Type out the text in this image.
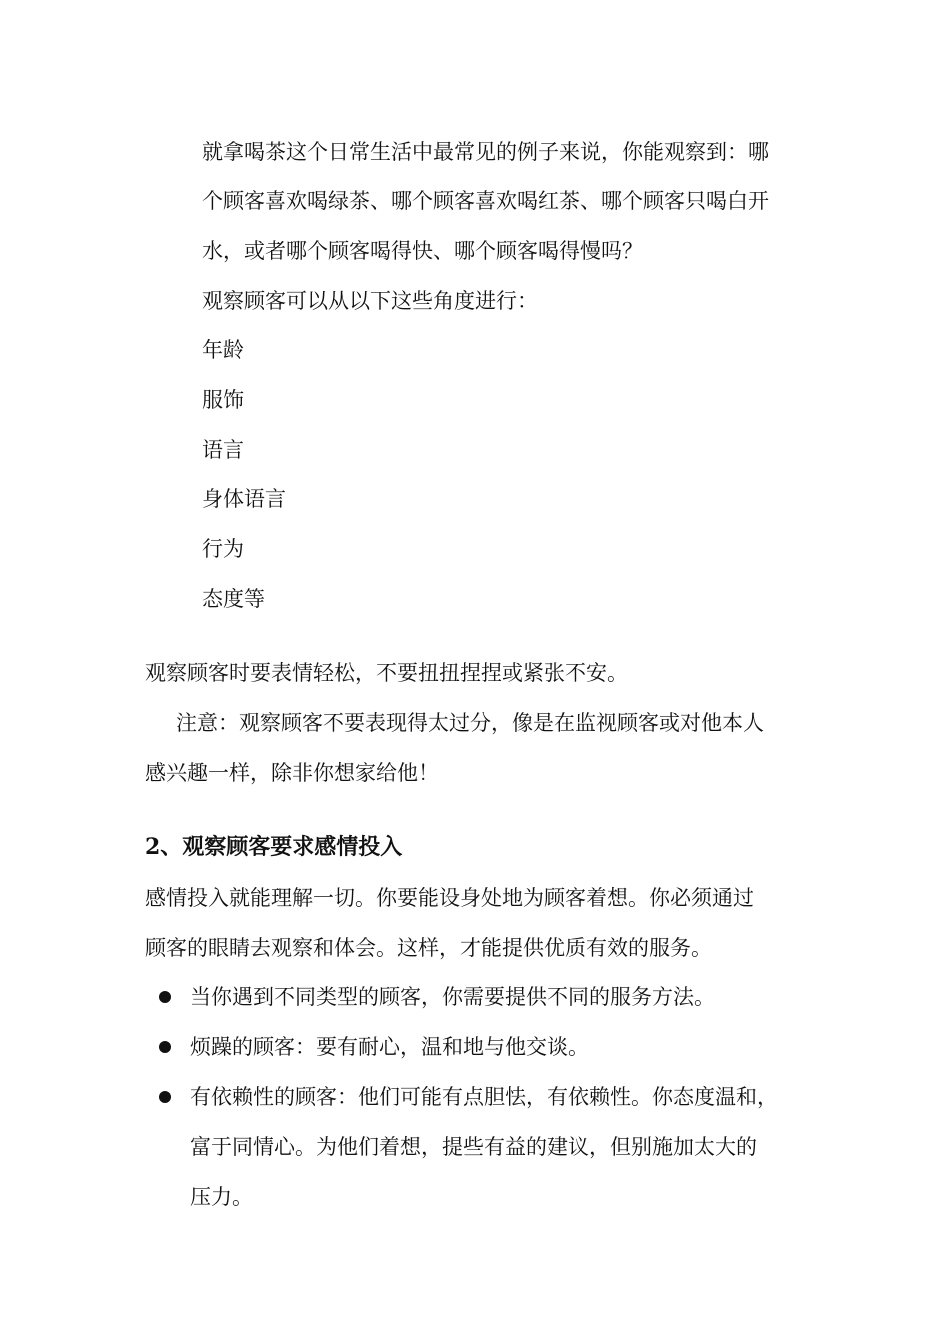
就拿喝茶这个日常生活中最常见的例子来说，你能观察到：哪
个顾客喜欢喝绿茶、哪个顾客喜欢喝红茶、哪个顾客只喝白开
水，或者哪个顾客喝得快、哪个顾客喝得慢吗？
观察顾客可以从以下这些角度进行：
年龄
服饰
语言
身体语言
行为
态度等
观察顾客时要表情轻松，不要扭扭捏捏或紧张不安。
注意：观察顾客不要表现得太过分，像是在监视顾客或对他本人
感兴趣一样，除非你想家给他！
2、观察顾客要求感情投入
感情投入就能理解一切。你要能设身处地为顾客着想。你必须通过
顾客的眼睛去观察和体会。这样，才能提供优质有效的服务。
当你遇到不同类型的顾客，你需要提供不同的服务方法。
烦躁的顾客：要有耐心，温和地与他交谈。
有依赖性的顾客：他们可能有点胆怯，有依赖性。你态度温和，
富于同情心。为他们着想，提些有益的建议，但别施加太大的
压力。
